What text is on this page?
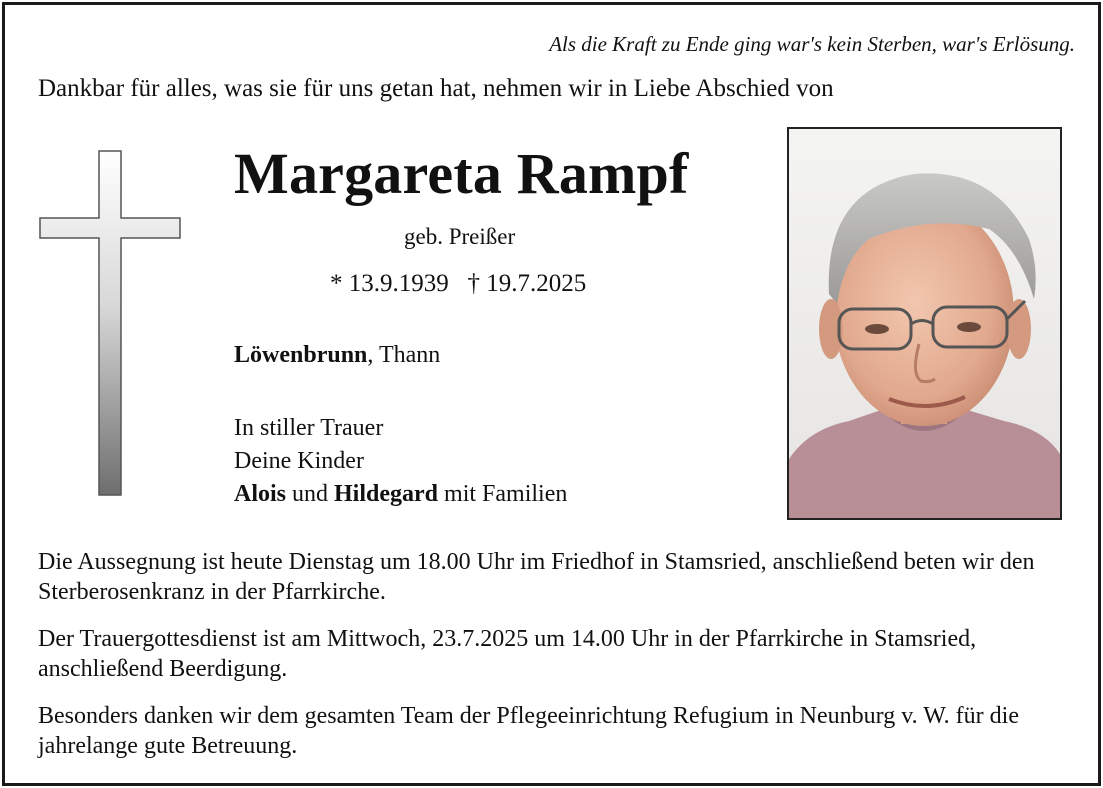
Als die Kraft zu Ende ging war's kein Sterben, war's Erlösung.
Dankbar für alles, was sie für uns getan hat, nehmen wir in Liebe Abschied von
Margareta Rampf
geb. Preißer
* 13.9.1939 † 19.7.2025
Löwenbrunn, Thann
In stiller Trauer
Deine Kinder
Alois und Hildegard mit Familien
Die Aussegnung ist heute Dienstag um 18.00 Uhr im Friedhof in Stamsried, anschließend beten wir den Sterberosenkranz in der Pfarrkirche.
Der Trauergottesdienst ist am Mittwoch, 23.7.2025 um 14.00 Uhr in der Pfarrkirche in Stamsried, anschließend Beerdigung.
Besonders danken wir dem gesamten Team der Pflegeeinrichtung Refugium in Neunburg v. W. für die jahrelange gute Betreuung.
